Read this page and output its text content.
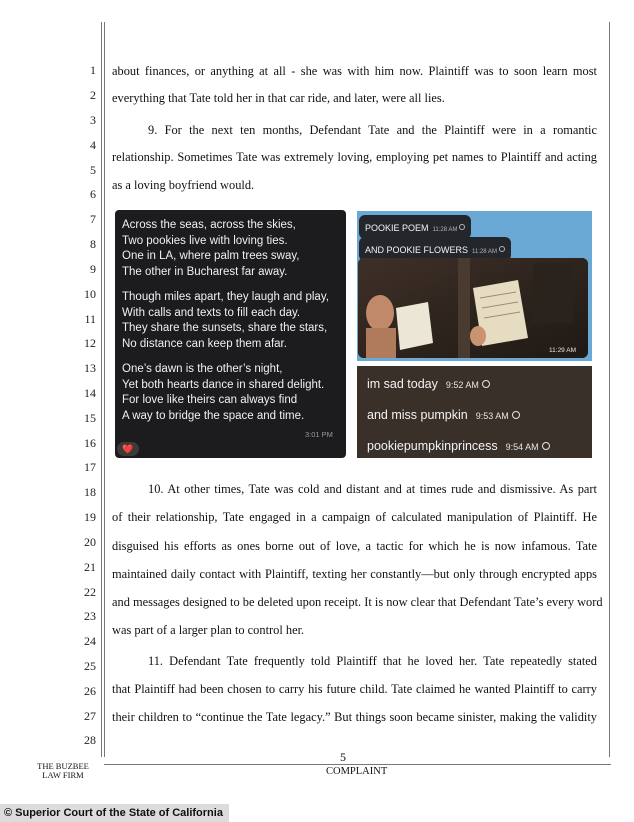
1
2
3
4
5
6
7
8
9
10
11
12
13
14
15
16
17
18
19
20
21
22
23
24
25
26
27
28
about finances, or anything at all - she was with him now. Plaintiff was to soon learn most
everything that Tate told her in that car ride, and later, were all lies.
9. For the next ten months, Defendant Tate and the Plaintiff were in a romantic
relationship. Sometimes Tate was extremely loving, employing pet names to Plaintiff and acting
as a loving boyfriend would.
10. At other times, Tate was cold and distant and at times rude and dismissive. As part
of their relationship, Tate engaged in a campaign of calculated manipulation of Plaintiff. He
disguised his efforts as ones borne out of love, a tactic for which he is now infamous. Tate
maintained daily contact with Plaintiff, texting her constantly—but only through encrypted apps
and messages designed to be deleted upon receipt. It is now clear that Defendant Tate’s every word
was part of a larger plan to control her.
11. Defendant Tate frequently told Plaintiff that he loved her. Tate repeatedly stated
that Plaintiff had been chosen to carry his future child. Tate claimed he wanted Plaintiff to carry
their children to “continue the Tate legacy.” But things soon became sinister, making the validity
Across the seas, across the skies,
Two pookies live with loving ties.
One in LA, where palm trees sway,
The other in Bucharest far away.
Though miles apart, they laugh and play,
With calls and texts to fill each day.
They share the sunsets, share the stars,
No distance can keep them afar.
One’s dawn is the other’s night,
Yet both hearts dance in shared delight.
For love like theirs can always find
A way to bridge the space and time.
3:01 PM
❤️
POOKIE POEM 11:28 AM
AND POOKIE FLOWERS 11:28 AM
11:29 AM
im sad today 9:52 AM
and miss pumpkin 9:53 AM
pookiepumpkinprincess 9:54 AM
5
COMPLAINT
THE BUZBEE
LAW FIRM
© Superior Court of the State of California
